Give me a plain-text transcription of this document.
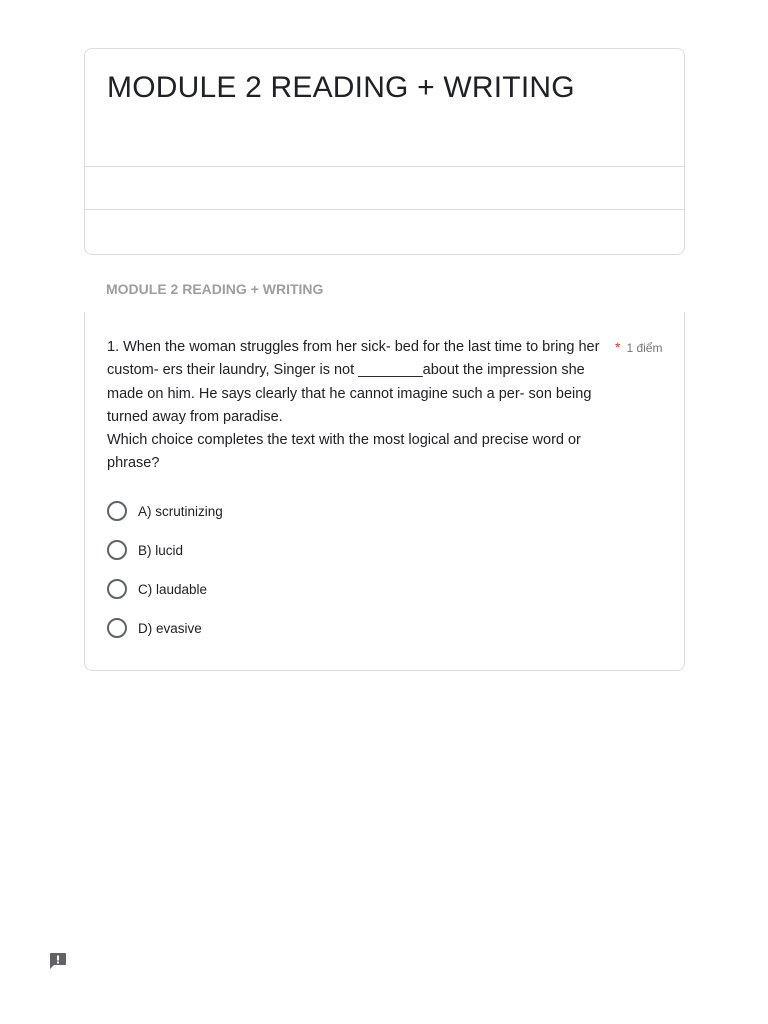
MODULE 2 READING + WRITING
MODULE 2 READING + WRITING

1. When the woman struggles from her sick- bed for the last time to bring her custom- ers their laundry, Singer is not ________about the impression she made on him. He says clearly that he cannot imagine such a per- son being turned away from paradise.

Which choice completes the text with the most logical and precise word or phrase?

* 1 điểm
A) scrutinizing
B) lucid
C) laudable
D) evasive
